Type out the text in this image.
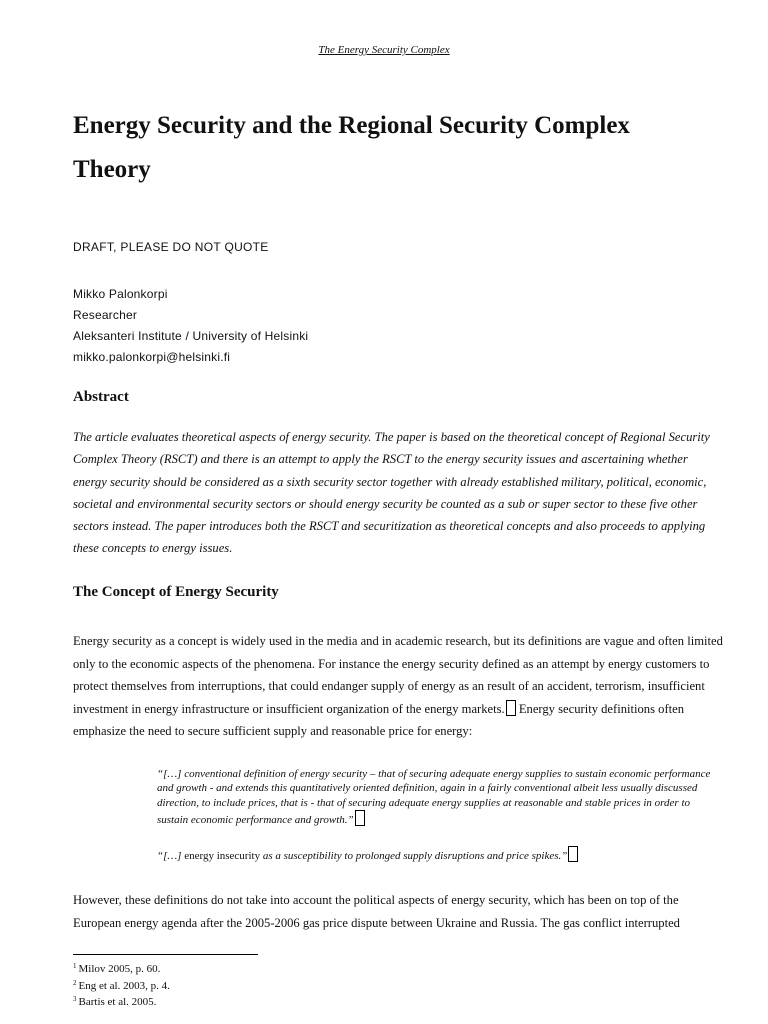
The Energy Security Complex
Energy Security and the Regional Security Complex Theory
DRAFT, PLEASE DO NOT QUOTE
Mikko Palonkorpi
Researcher
Aleksanteri Institute / University of Helsinki
mikko.palonkorpi@helsinki.fi
Abstract
The article evaluates theoretical aspects of energy security. The paper is based on the theoretical concept of Regional Security Complex Theory (RSCT) and there is an attempt to apply the RSCT to the energy security issues and ascertaining whether energy security should be considered as a sixth security sector together with already established military, political, economic, societal and environmental security sectors or should energy security be counted as a sub or super sector to these five other sectors instead. The paper introduces both the RSCT and securitization as theoretical concepts and also proceeds to applying these concepts to energy issues.
The Concept of Energy Security
Energy security as a concept is widely used in the media and in academic research, but its definitions are vague and often limited only to the economic aspects of the phenomena. For instance the energy security defined as an attempt by energy customers to protect themselves from interruptions, that could endanger supply of energy as an result of an accident, terrorism, insufficient investment in energy infrastructure or insufficient organization of the energy markets. Energy security definitions often emphasize the need to secure sufficient supply and reasonable price for energy:
“[…] conventional definition of energy security – that of securing adequate energy supplies to sustain economic performance and growth - and extends this quantitatively oriented definition, again in a fairly conventional albeit less usually discussed direction, to include prices, that is - that of securing adequate energy supplies at reasonable and stable prices in order to sustain economic performance and growth.”
“[…] energy insecurity as a susceptibility to prolonged supply disruptions and price spikes.”
However, these definitions do not take into account the political aspects of energy security, which has been on top of the European energy agenda after the 2005-2006 gas price dispute between Ukraine and Russia. The gas conflict interrupted
$^1$ Milov 2005, p. 60.
$^2$ Eng et al. 2003, p. 4.
$^3$ Bartis et al. 2005.
